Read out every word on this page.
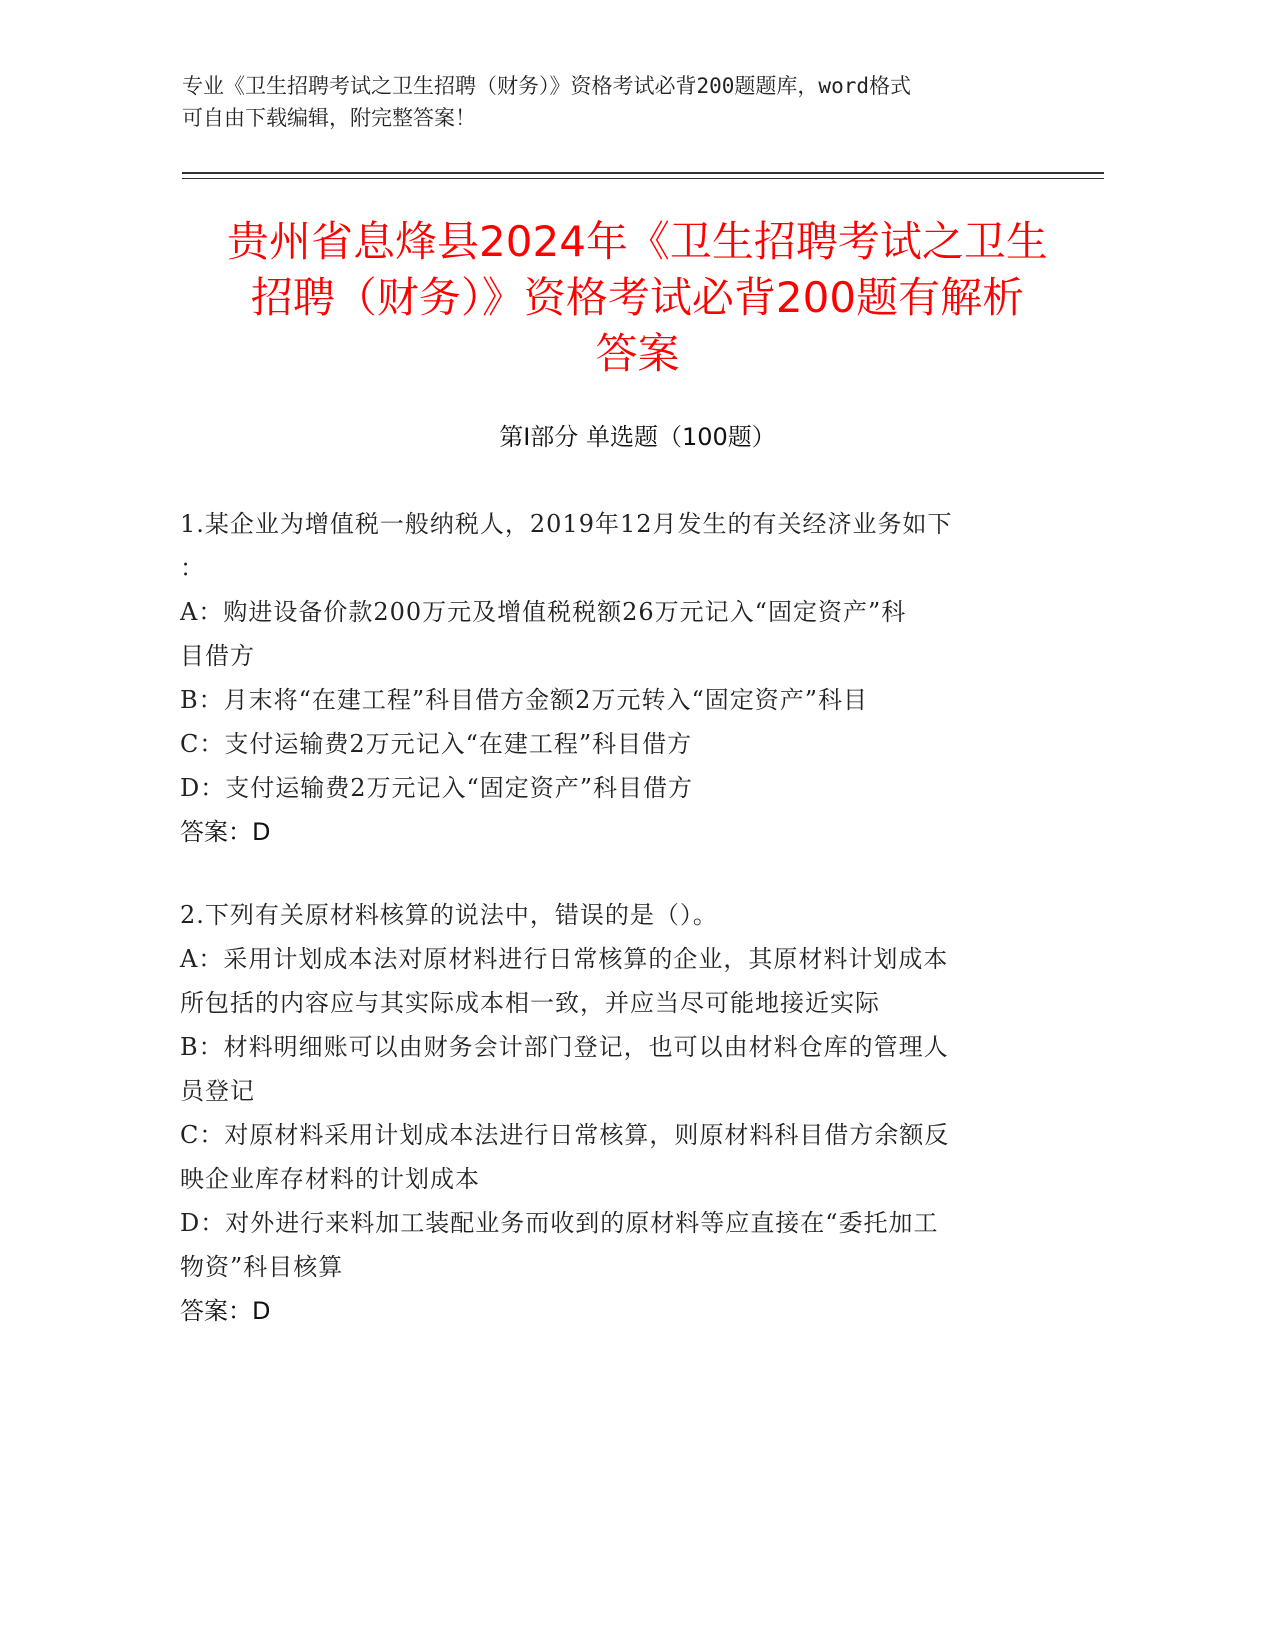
专业《卫生招聘考试之卫生招聘（财务）》资格考试必背200题题库，word格式
可自由下载编辑，附完整答案！
贵州省息烽县2024年《卫生招聘考试之卫生
招聘（财务）》资格考试必背200题有解析
答案
第Ⅰ部分 单选题（100题）
1.某企业为增值税一般纳税人，2019年12月发生的有关经济业务如下
：
A：购进设备价款200万元及增值税税额26万元记入“固定资产”科
目借方
B：月末将“在建工程”科目借方金额2万元转入“固定资产”科目
C：支付运输费2万元记入“在建工程”科目借方
D：支付运输费2万元记入“固定资产”科目借方
答案：D
2.下列有关原材料核算的说法中，错误的是（）。
A：采用计划成本法对原材料进行日常核算的企业，其原材料计划成本
所包括的内容应与其实际成本相一致，并应当尽可能地接近实际
B：材料明细账可以由财务会计部门登记，也可以由材料仓库的管理人
员登记
C：对原材料采用计划成本法进行日常核算，则原材料科目借方余额反
映企业库存材料的计划成本
D：对外进行来料加工装配业务而收到的原材料等应直接在“委托加工
物资”科目核算
答案：D
